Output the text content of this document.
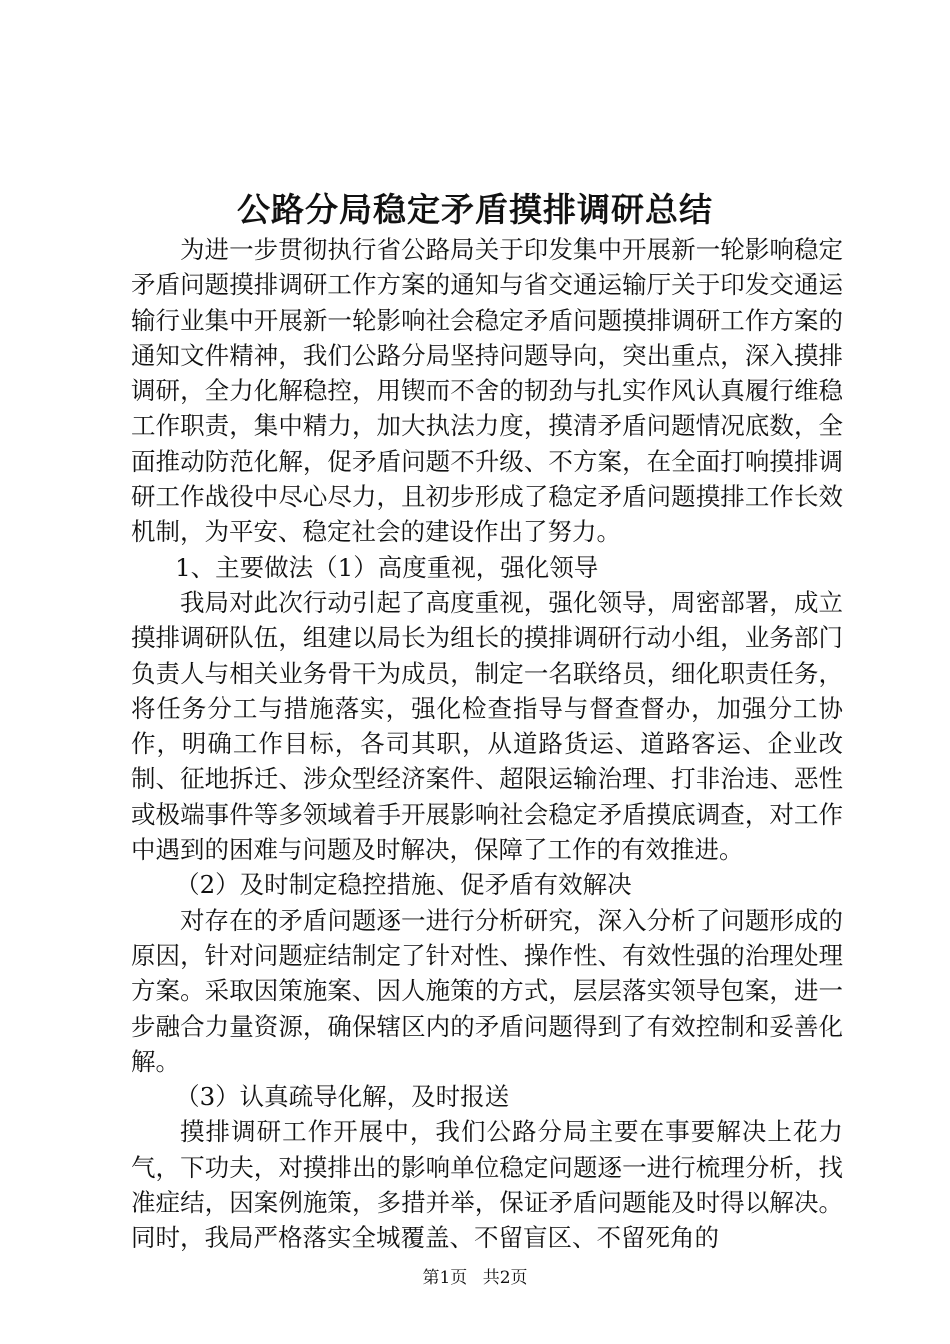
公路分局稳定矛盾摸排调研总结

为进一步贯彻执行省公路局关于印发集中开展新一轮影响稳定矛盾问题摸排调研工作方案的通知与省交通运输厅关于印发交通运输行业集中开展新一轮影响社会稳定矛盾问题摸排调研工作方案的通知文件精神，我们公路分局坚持问题导向，突出重点，深入摸排调研，全力化解稳控，用锲而不舍的韧劲与扎实作风认真履行维稳工作职责，集中精力，加大执法力度，摸清矛盾问题情况底数，全面推动防范化解，促矛盾问题不升级、不方案，在全面打响摸排调研工作战役中尽心尽力，且初步形成了稳定矛盾问题摸排工作长效机制，为平安、稳定社会的建设作出了努力。

1、主要做法（1）高度重视，强化领导

我局对此次行动引起了高度重视，强化领导，周密部署，成立摸排调研队伍，组建以局长为组长的摸排调研行动小组，业务部门负责人与相关业务骨干为成员，制定一名联络员，细化职责任务，将任务分工与措施落实，强化检查指导与督查督办，加强分工协作，明确工作目标，各司其职，从道路货运、道路客运、企业改制、征地拆迁、涉众型经济案件、超限运输治理、打非治违、恶性或极端事件等多领域着手开展影响社会稳定矛盾摸底调查，对工作中遇到的困难与问题及时解决，保障了工作的有效推进。

（2）及时制定稳控措施、促矛盾有效解决

对存在的矛盾问题逐一进行分析研究，深入分析了问题形成的原因，针对问题症结制定了针对性、操作性、有效性强的治理处理方案。采取因策施案、因人施策的方式，层层落实领导包案，进一步融合力量资源，确保辖区内的矛盾问题得到了有效控制和妥善化解。

（3）认真疏导化解，及时报送

摸排调研工作开展中，我们公路分局主要在事要解决上花力气，下功夫，对摸排出的影响单位稳定问题逐一进行梳理分析，找准症结，因案例施策，多措并举，保证矛盾问题能及时得以解决。同时，我局严格落实全城覆盖、不留盲区、不留死角的

第1页 共2页
